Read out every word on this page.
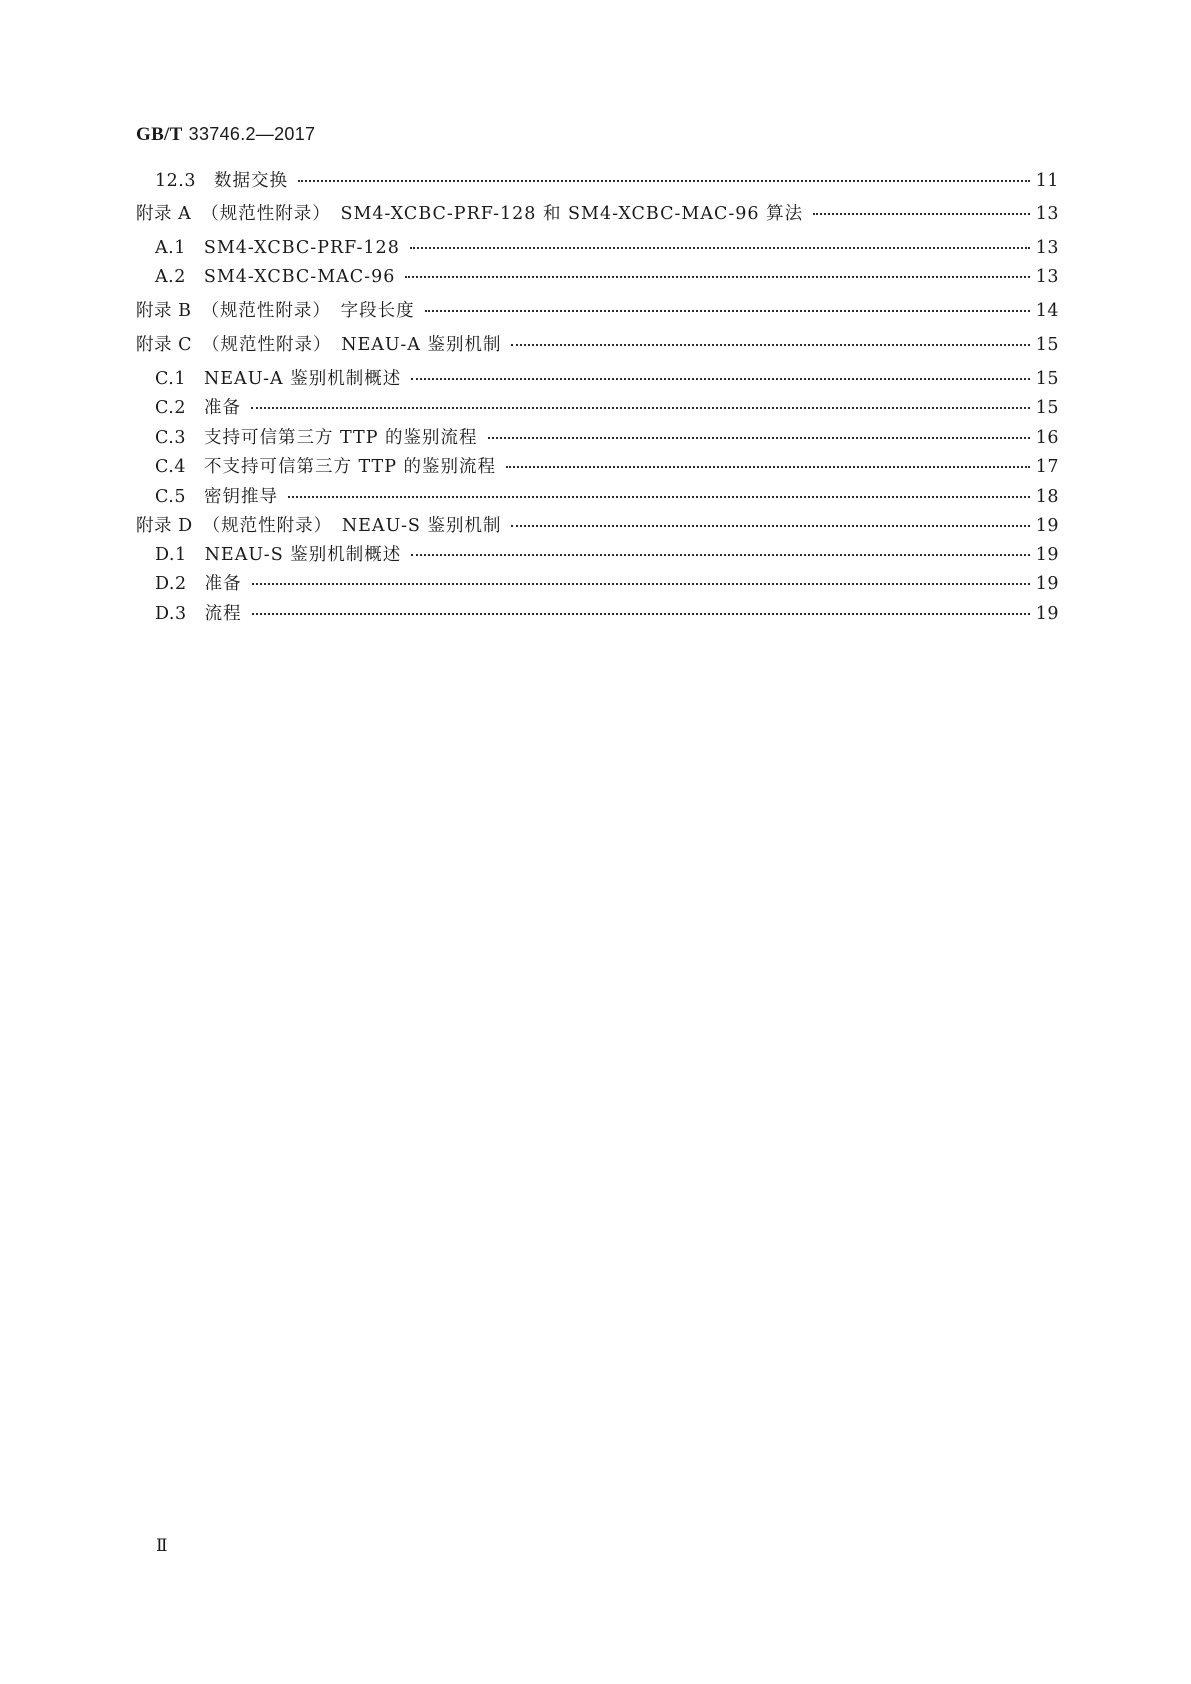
GB/T 33746.2—2017
12.3 数据交换	11
附录 A （规范性附录）　SM4-XCBC-PRF-128 和 SM4-XCBC-MAC-96 算法	13
A.1 SM4-XCBC-PRF-128	13
A.2 SM4-XCBC-MAC-96	13
附录 B （规范性附录）　字段长度	14
附录 C （规范性附录）　NEAU-A 鉴别机制	15
C.1 NEAU-A 鉴别机制概述	15
C.2 准备	15
C.3 支持可信第三方 TTP 的鉴别流程	16
C.4 不支持可信第三方 TTP 的鉴别流程	17
C.5 密钥推导	18
附录 D （规范性附录）　NEAU-S 鉴别机制	19
D.1 NEAU-S 鉴别机制概述	19
D.2 准备	19
D.3 流程	19
Ⅱ
